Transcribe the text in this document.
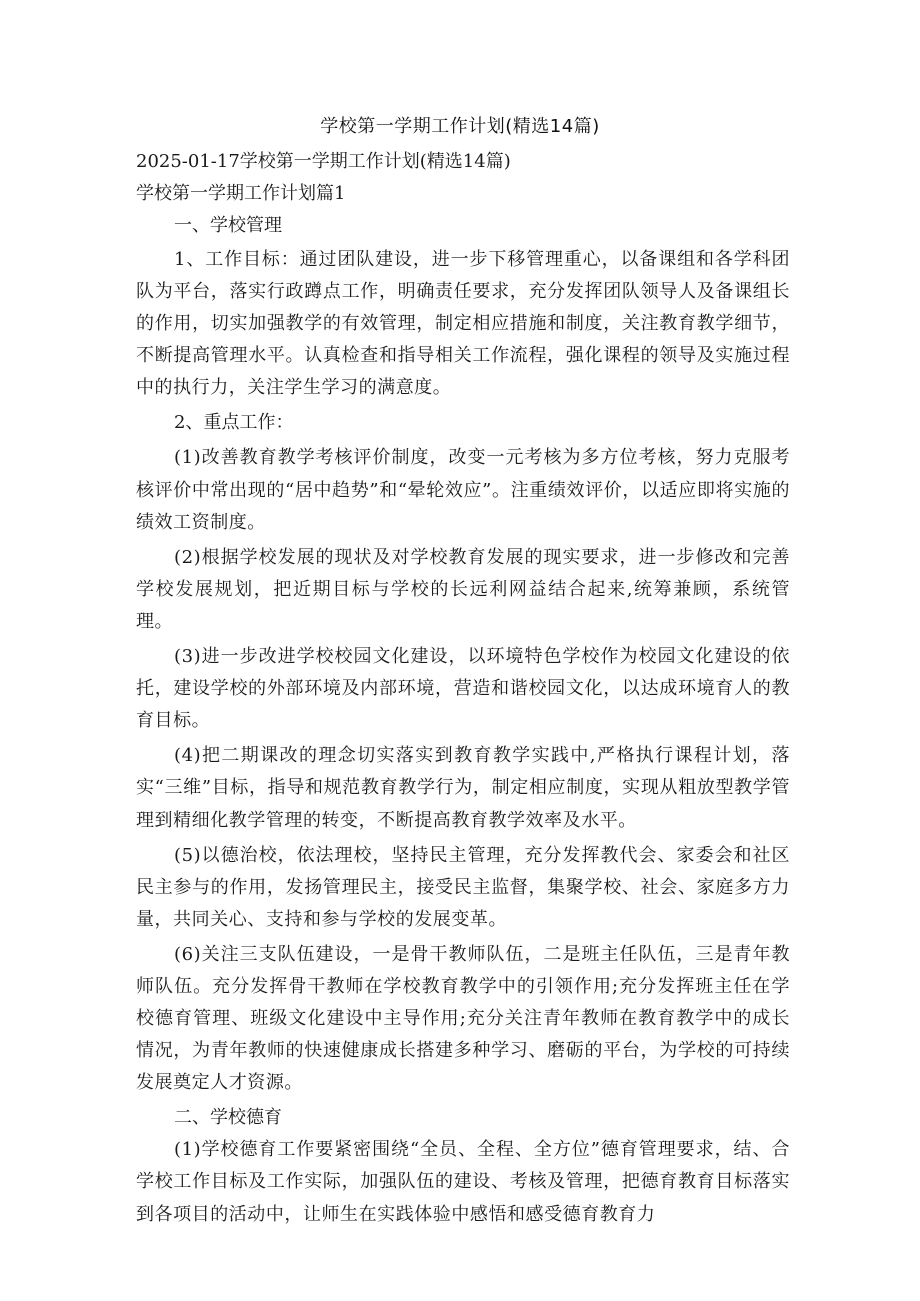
学校第一学期工作计划(精选14篇)

2025-01-17学校第一学期工作计划(精选14篇)

学校第一学期工作计划篇1

一、学校管理

1、工作目标：通过团队建设，进一步下移管理重心，以备课组和各学科团队为平台，落实行政蹲点工作，明确责任要求，充分发挥团队领导人及备课组长的作用，切实加强教学的有效管理，制定相应措施和制度，关注教育教学细节，不断提高管理水平。认真检查和指导相关工作流程，强化课程的领导及实施过程中的执行力，关注学生学习的满意度。

2、重点工作：

(1)改善教育教学考核评价制度，改变一元考核为多方位考核，努力克服考核评价中常出现的“居中趋势”和“晕轮效应”。注重绩效评价，以适应即将实施的绩效工资制度。

(2)根据学校发展的现状及对学校教育发展的现实要求，进一步修改和完善学校发展规划，把近期目标与学校的长远利网益结合起来,统筹兼顾，系统管理。

(3)进一步改进学校校园文化建设，以环境特色学校作为校园文化建设的依托，建设学校的外部环境及内部环境，营造和谐校园文化，以达成环境育人的教育目标。

(4)把二期课改的理念切实落实到教育教学实践中,严格执行课程计划，落实“三维”目标，指导和规范教育教学行为，制定相应制度，实现从粗放型教学管理到精细化教学管理的转变，不断提高教育教学效率及水平。

(5)以德治校，依法理校，坚持民主管理，充分发挥教代会、家委会和社区民主参与的作用，发扬管理民主，接受民主监督，集聚学校、社会、家庭多方力量，共同关心、支持和参与学校的发展变革。

(6)关注三支队伍建设，一是骨干教师队伍，二是班主任队伍，三是青年教师队伍。充分发挥骨干教师在学校教育教学中的引领作用;充分发挥班主任在学校德育管理、班级文化建设中主导作用;充分关注青年教师在教育教学中的成长情况，为青年教师的快速健康成长搭建多种学习、磨砺的平台，为学校的可持续发展奠定人才资源。

二、学校德育

(1)学校德育工作要紧密围绕“全员、全程、全方位”德育管理要求，结、合学校工作目标及工作实际，加强队伍的建设、考核及管理，把德育教育目标落实到各项目的活动中，让师生在实践体验中感悟和感受德育教育力
